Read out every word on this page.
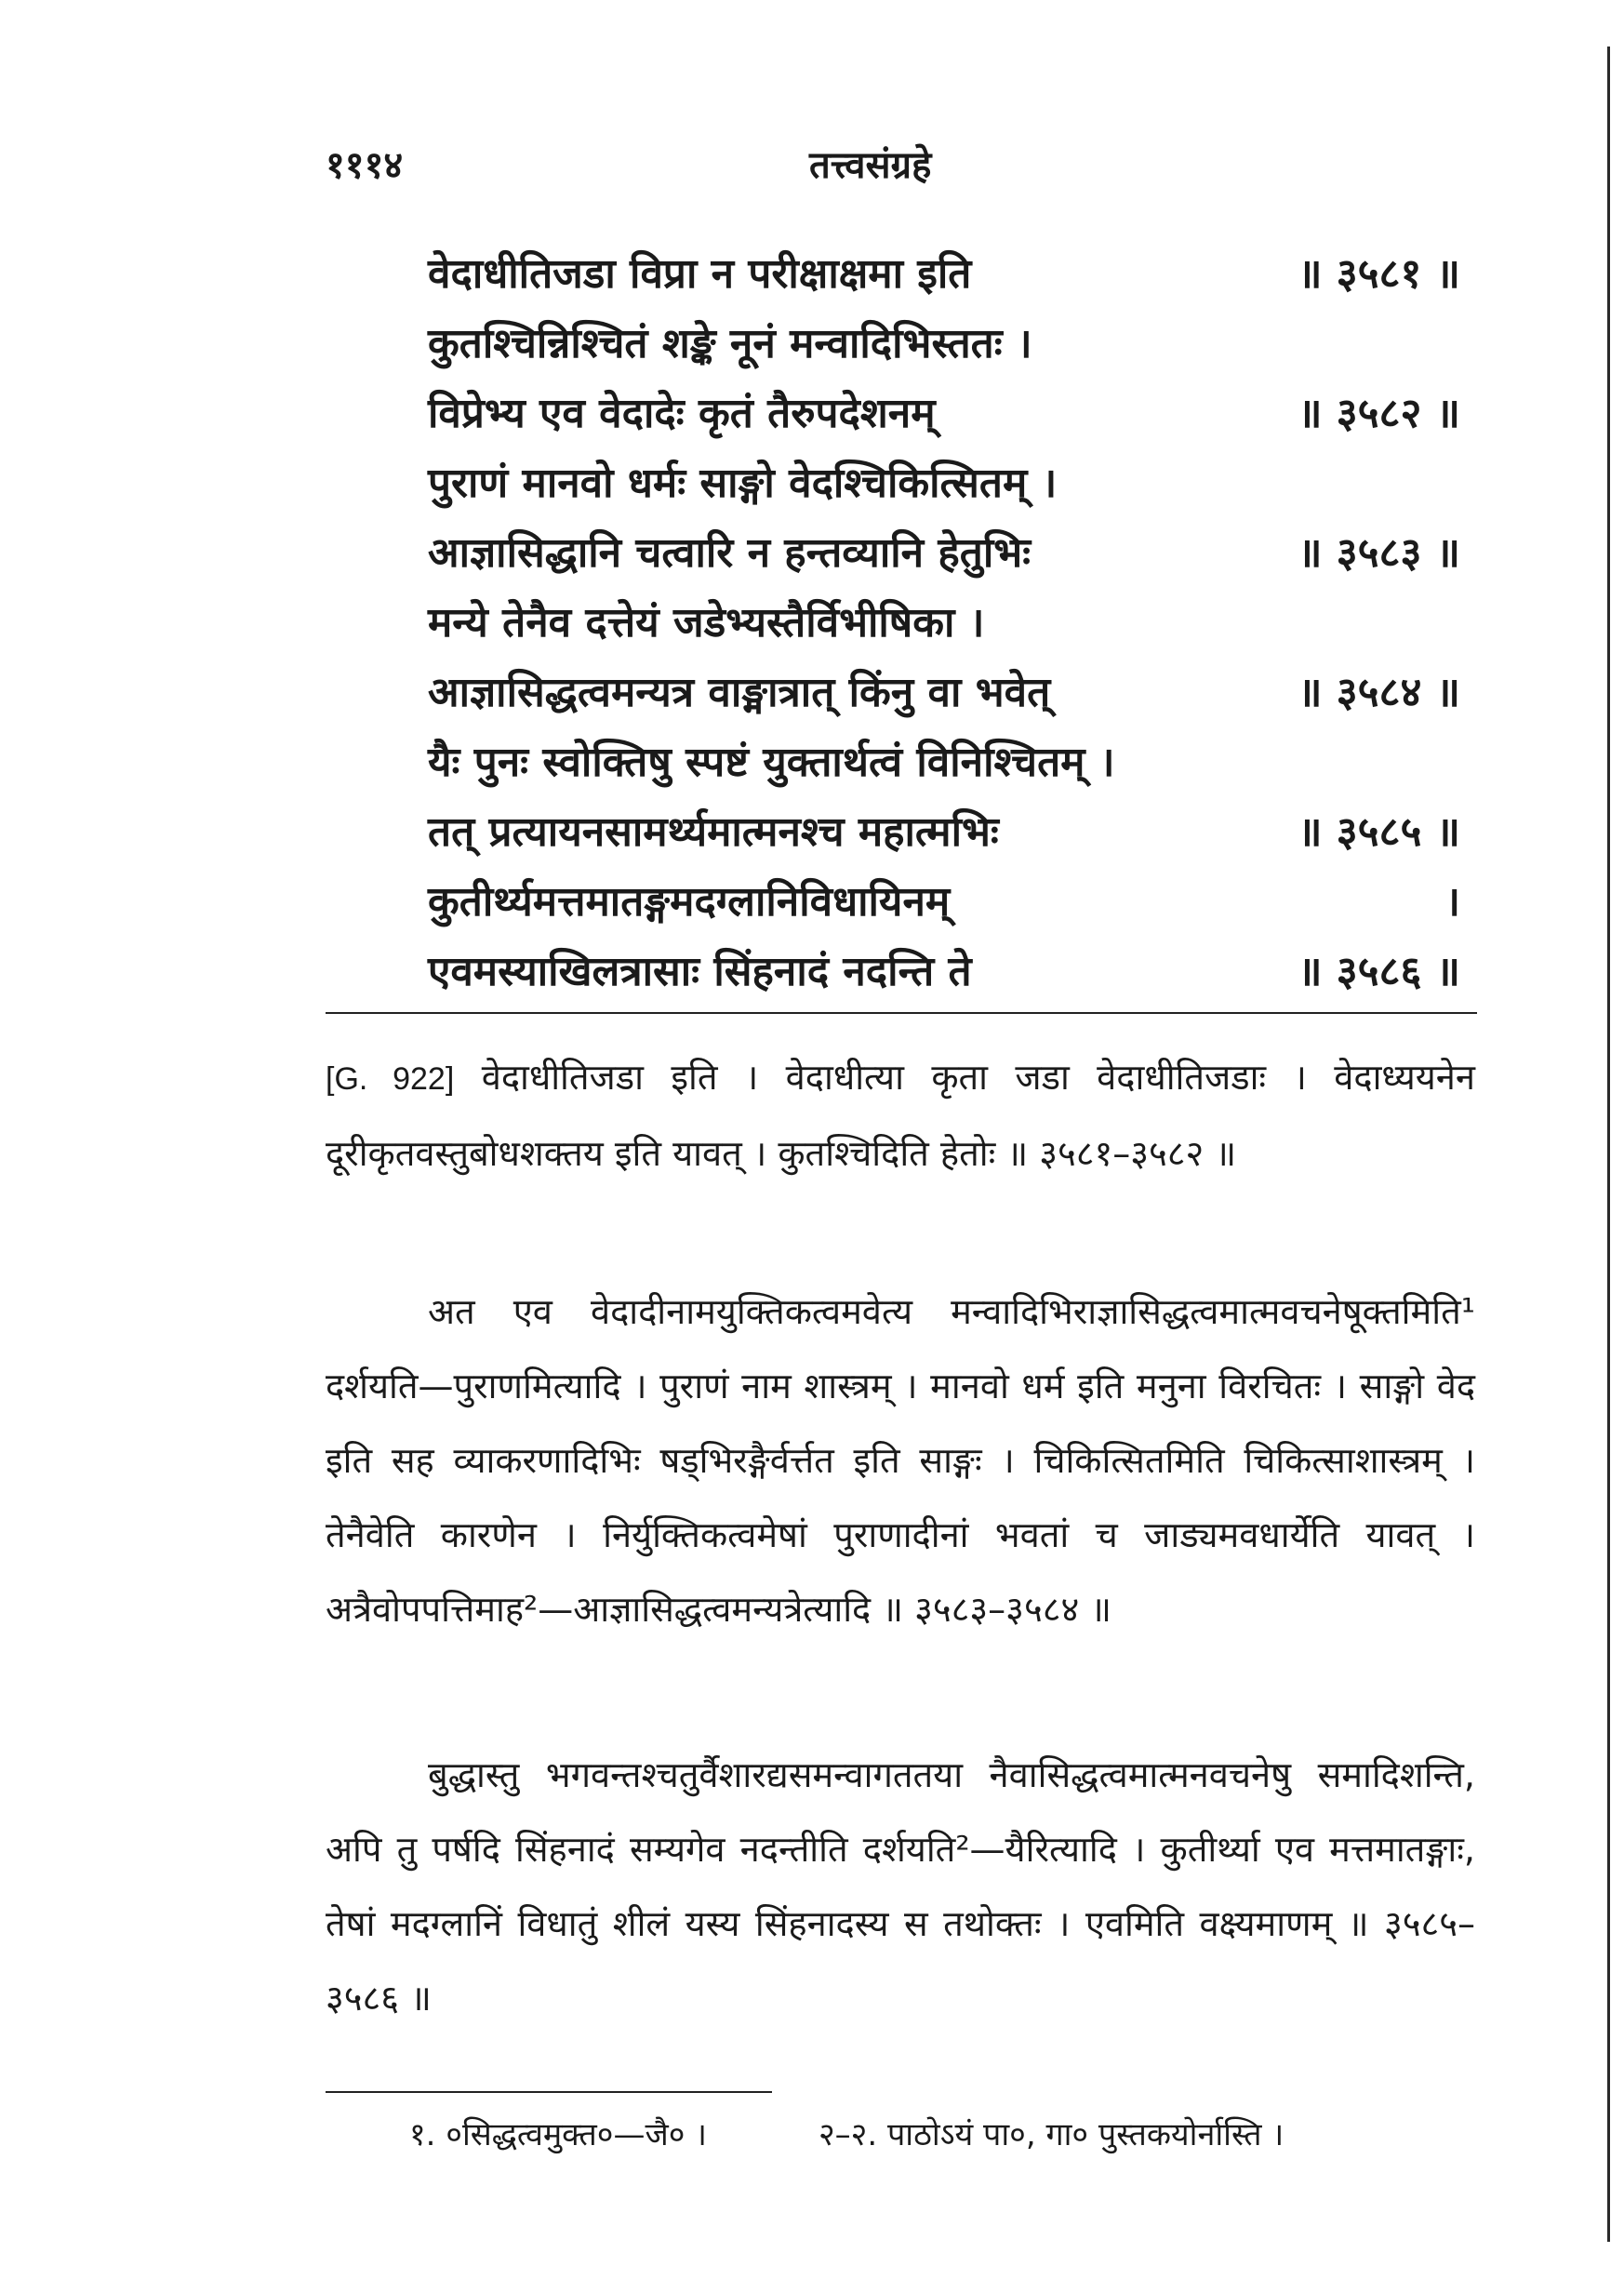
१११४	तत्त्वसंग्रहे
वेदाधीतिजडा विप्रा न परीक्षाक्षमा इति	॥ ३५८१ ॥
कुतश्चिन्निश्चितं शङ्के नूनं मन्वादिभिस्ततः ।
विप्रेभ्य एव वेदादेः कृतं तैरुपदेशनम्	॥ ३५८२ ॥
पुराणं मानवो धर्मः साङ्गो वेदश्चिकित्सितम् ।
आज्ञासिद्धानि चत्वारि न हन्तव्यानि हेतुभिः	॥ ३५८३ ॥
मन्ये तेनैव दत्तेयं जडेभ्यस्तैर्विभीषिका ।
आज्ञासिद्धत्वमन्यत्र वाङ्मात्रात् किंनु वा भवेत्	॥ ३५८४ ॥
यैः पुनः स्वोक्तिषु स्पष्टं युक्तार्थत्वं विनिश्चितम् ।
तत् प्रत्यायनसामर्थ्यमात्मनश्च महात्मभिः	॥ ३५८५ ॥
कुतीर्थ्यमत्तमातङ्गमदग्लानिविधायिनम्	।
एवमस्याखिलत्रासाः सिंहनादं नदन्ति ते	॥ ३५८६ ॥

[G. 922] वेदाधीतिजडा इति । वेदाधीत्या कृता जडा वेदाधीतिजडाः । वेदाध्ययनेन दूरीकृतवस्तुबोधशक्तय इति यावत् । कुतश्चिदिति हेतोः ॥ ३५८१–३५८२ ॥

अत एव वेदादीनामयुक्तिकत्वमवेत्य मन्वादिभिराज्ञासिद्धत्वमात्मवचनेषूक्तमिति¹ दर्शयति—पुराणमित्यादि । पुराणं नाम शास्त्रम् । मानवो धर्म इति मनुना विरचितः । साङ्गो वेद इति सह व्याकरणादिभिः षड्भिरङ्गैर्वर्त्तत इति साङ्गः । चिकित्सितमिति चिकित्साशास्त्रम् । तेनैवेति कारणेन । निर्युक्तिकत्वमेषां पुराणादीनां भवतां च जाड्यमवधार्येति यावत् । अत्रैवोपपत्तिमाह²—आज्ञासिद्धत्वमन्यत्रेत्यादि ॥ ३५८३–३५८४ ॥

बुद्धास्तु भगवन्तश्चतुर्वैशारद्यसमन्वागततया नैवासिद्धत्वमात्मनवचनेषु समादिशन्ति, अपि तु पर्षदि सिंहनादं सम्यगेव नदन्तीति दर्शयति²—यैरित्यादि । कुतीर्थ्या एव मत्तमातङ्गाः, तेषां मदग्लानिं विधातुं शीलं यस्य सिंहनादस्य स तथोक्तः । एवमिति वक्ष्यमाणम् ॥ ३५८५–३५८६ ॥

१. ०सिद्धत्वमुक्त०—जै० ।	२–२. पाठोऽयं पा०, गा० पुस्तकयोर्नास्ति ।
